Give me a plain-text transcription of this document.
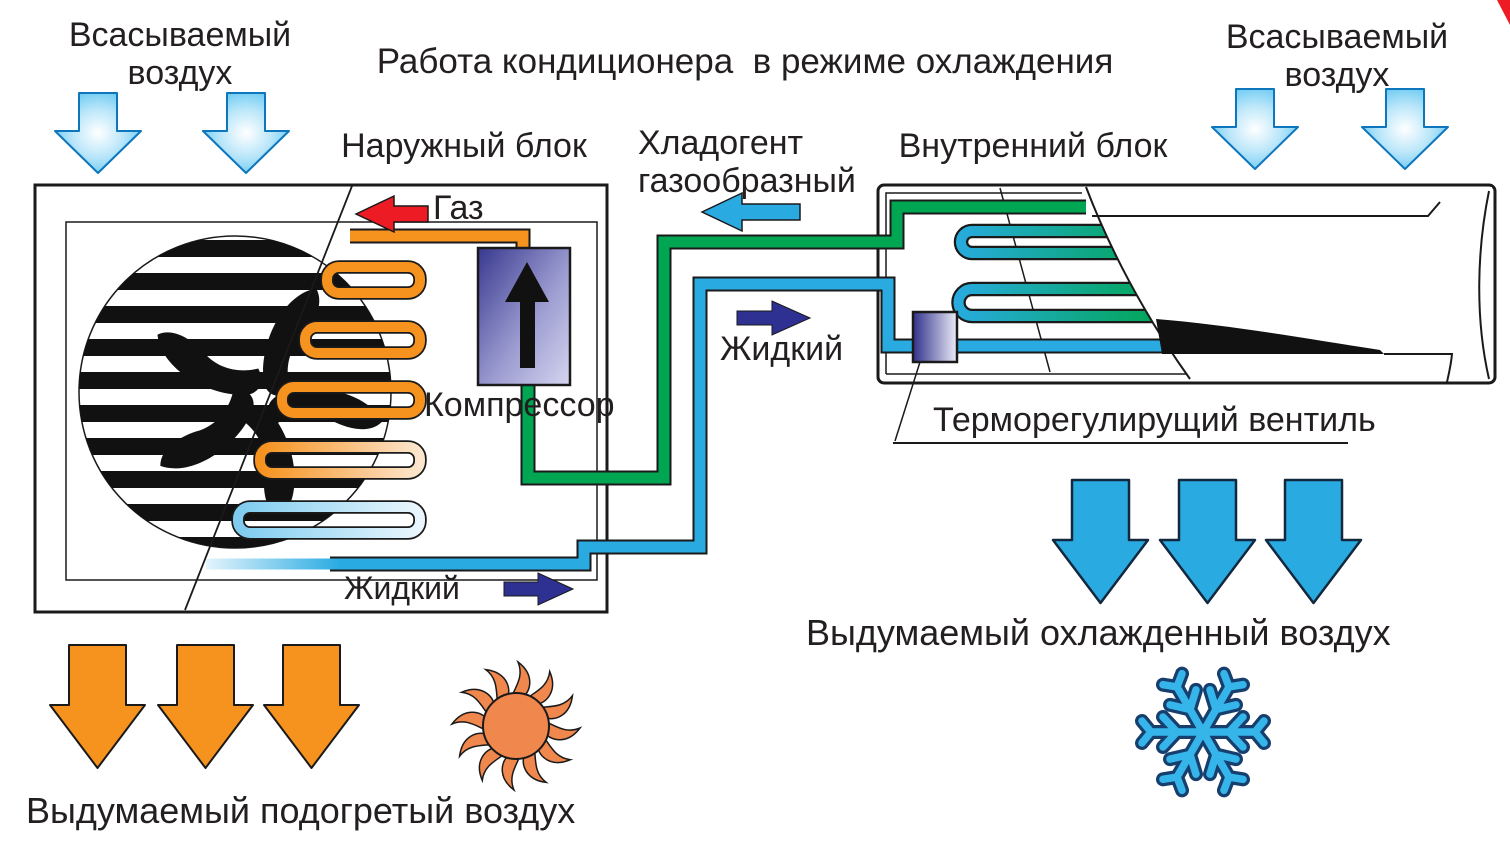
Всасываемый
воздух	Работа кондиционера  в режиме охлаждения
Всасываемый
воздух
Наружный блок	Хладогент
газообразный
Внутренний блок
Газ
Компрессор
Жидкий
Жидкий
Терморегулирущий вентиль
Выдумаемый охлажденный воздух
Выдумаемый подогретый воздух
